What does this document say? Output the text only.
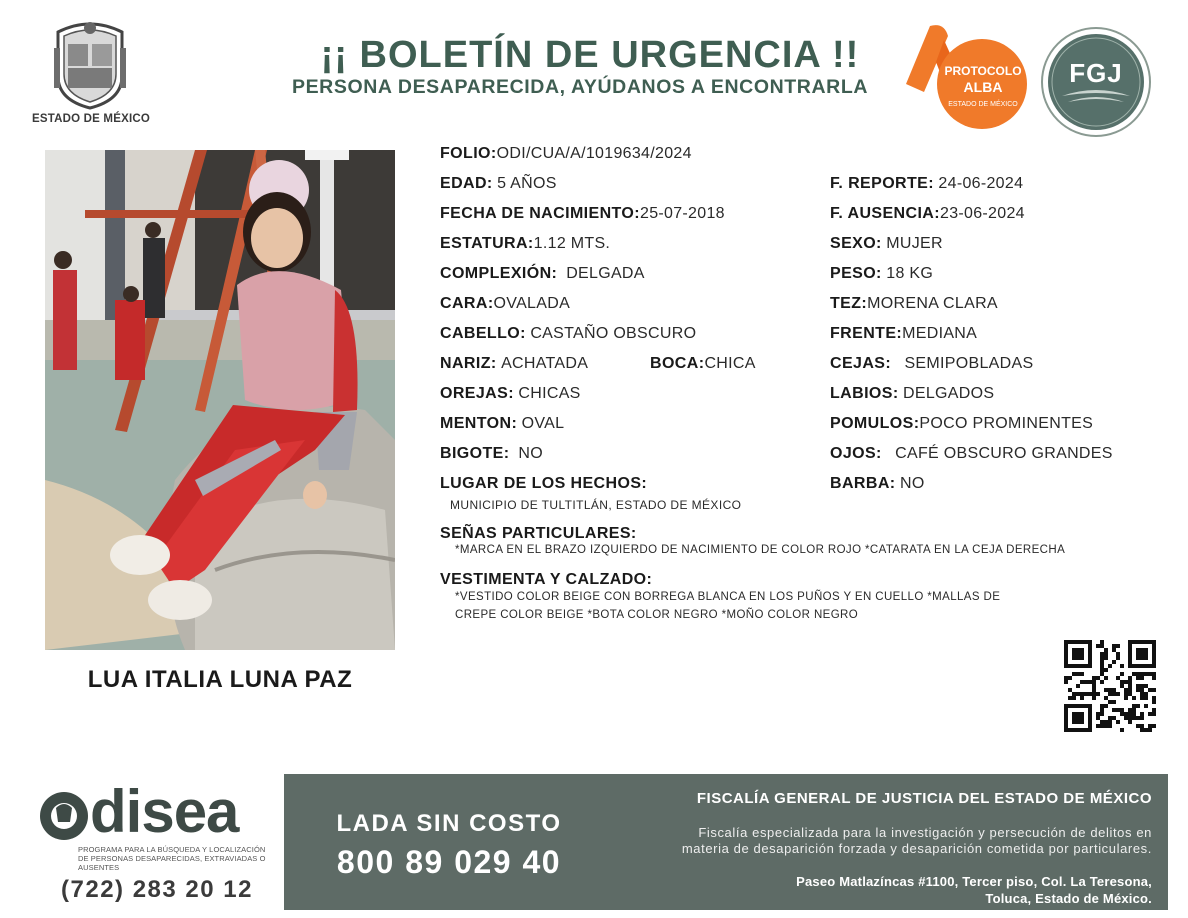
ESTADO DE MÉXICO
¡¡ BOLETÍN DE URGENCIA !!
PERSONA DESAPARECIDA, AYÚDANOS A ENCONTRARLA
PROTOCOLO
ALBA
ESTADO DE MÉXICO
FGJ
LUA ITALIA LUNA PAZ
FOLIO:ODI/CUA/A/1019634/2024
EDAD: 5 AÑOS
FECHA DE NACIMIENTO:25-07-2018
ESTATURA:1.12 MTS.
COMPLEXIÓN: DELGADA
CARA:OVALADA
CABELLO: CASTAÑO OBSCURO
NARIZ: ACHATADA	BOCA:CHICA
OREJAS: CHICAS
MENTON: OVAL
BIGOTE: NO
LUGAR DE LOS HECHOS:
MUNICIPIO DE TULTITLÁN, ESTADO DE MÉXICO
F. REPORTE: 24-06-2024
F. AUSENCIA:23-06-2024
SEXO: MUJER
PESO: 18 KG
TEZ:MORENA CLARA
FRENTE:MEDIANA
CEJAS: SEMIPOBLADAS
LABIOS: DELGADOS
POMULOS:POCO PROMINENTES
OJOS: CAFÉ OBSCURO GRANDES
BARBA: NO
SEÑAS PARTICULARES:
*MARCA EN EL BRAZO IZQUIERDO DE NACIMIENTO DE COLOR ROJO *CATARATA EN LA CEJA DERECHA
VESTIMENTA Y CALZADO:
*VESTIDO COLOR BEIGE CON BORREGA BLANCA EN LOS PUÑOS Y EN CUELLO *MALLAS DE
CREPE COLOR BEIGE *BOTA COLOR NEGRO *MOÑO COLOR NEGRO
disea
PROGRAMA PARA LA BÚSQUEDA Y LOCALIZACIÓN DE PERSONAS DESAPARECIDAS, EXTRAVIADAS O AUSENTES
(722) 283 20 12
LADA SIN COSTO
800 89 029 40
FISCALÍA GENERAL DE JUSTICIA DEL ESTADO DE MÉXICO
Fiscalía especializada para la investigación y persecución de delitos en
materia de desaparición forzada y desaparición cometida por particulares.
Paseo Matlazíncas #1100, Tercer piso, Col. La Teresona,
Toluca, Estado de México.
